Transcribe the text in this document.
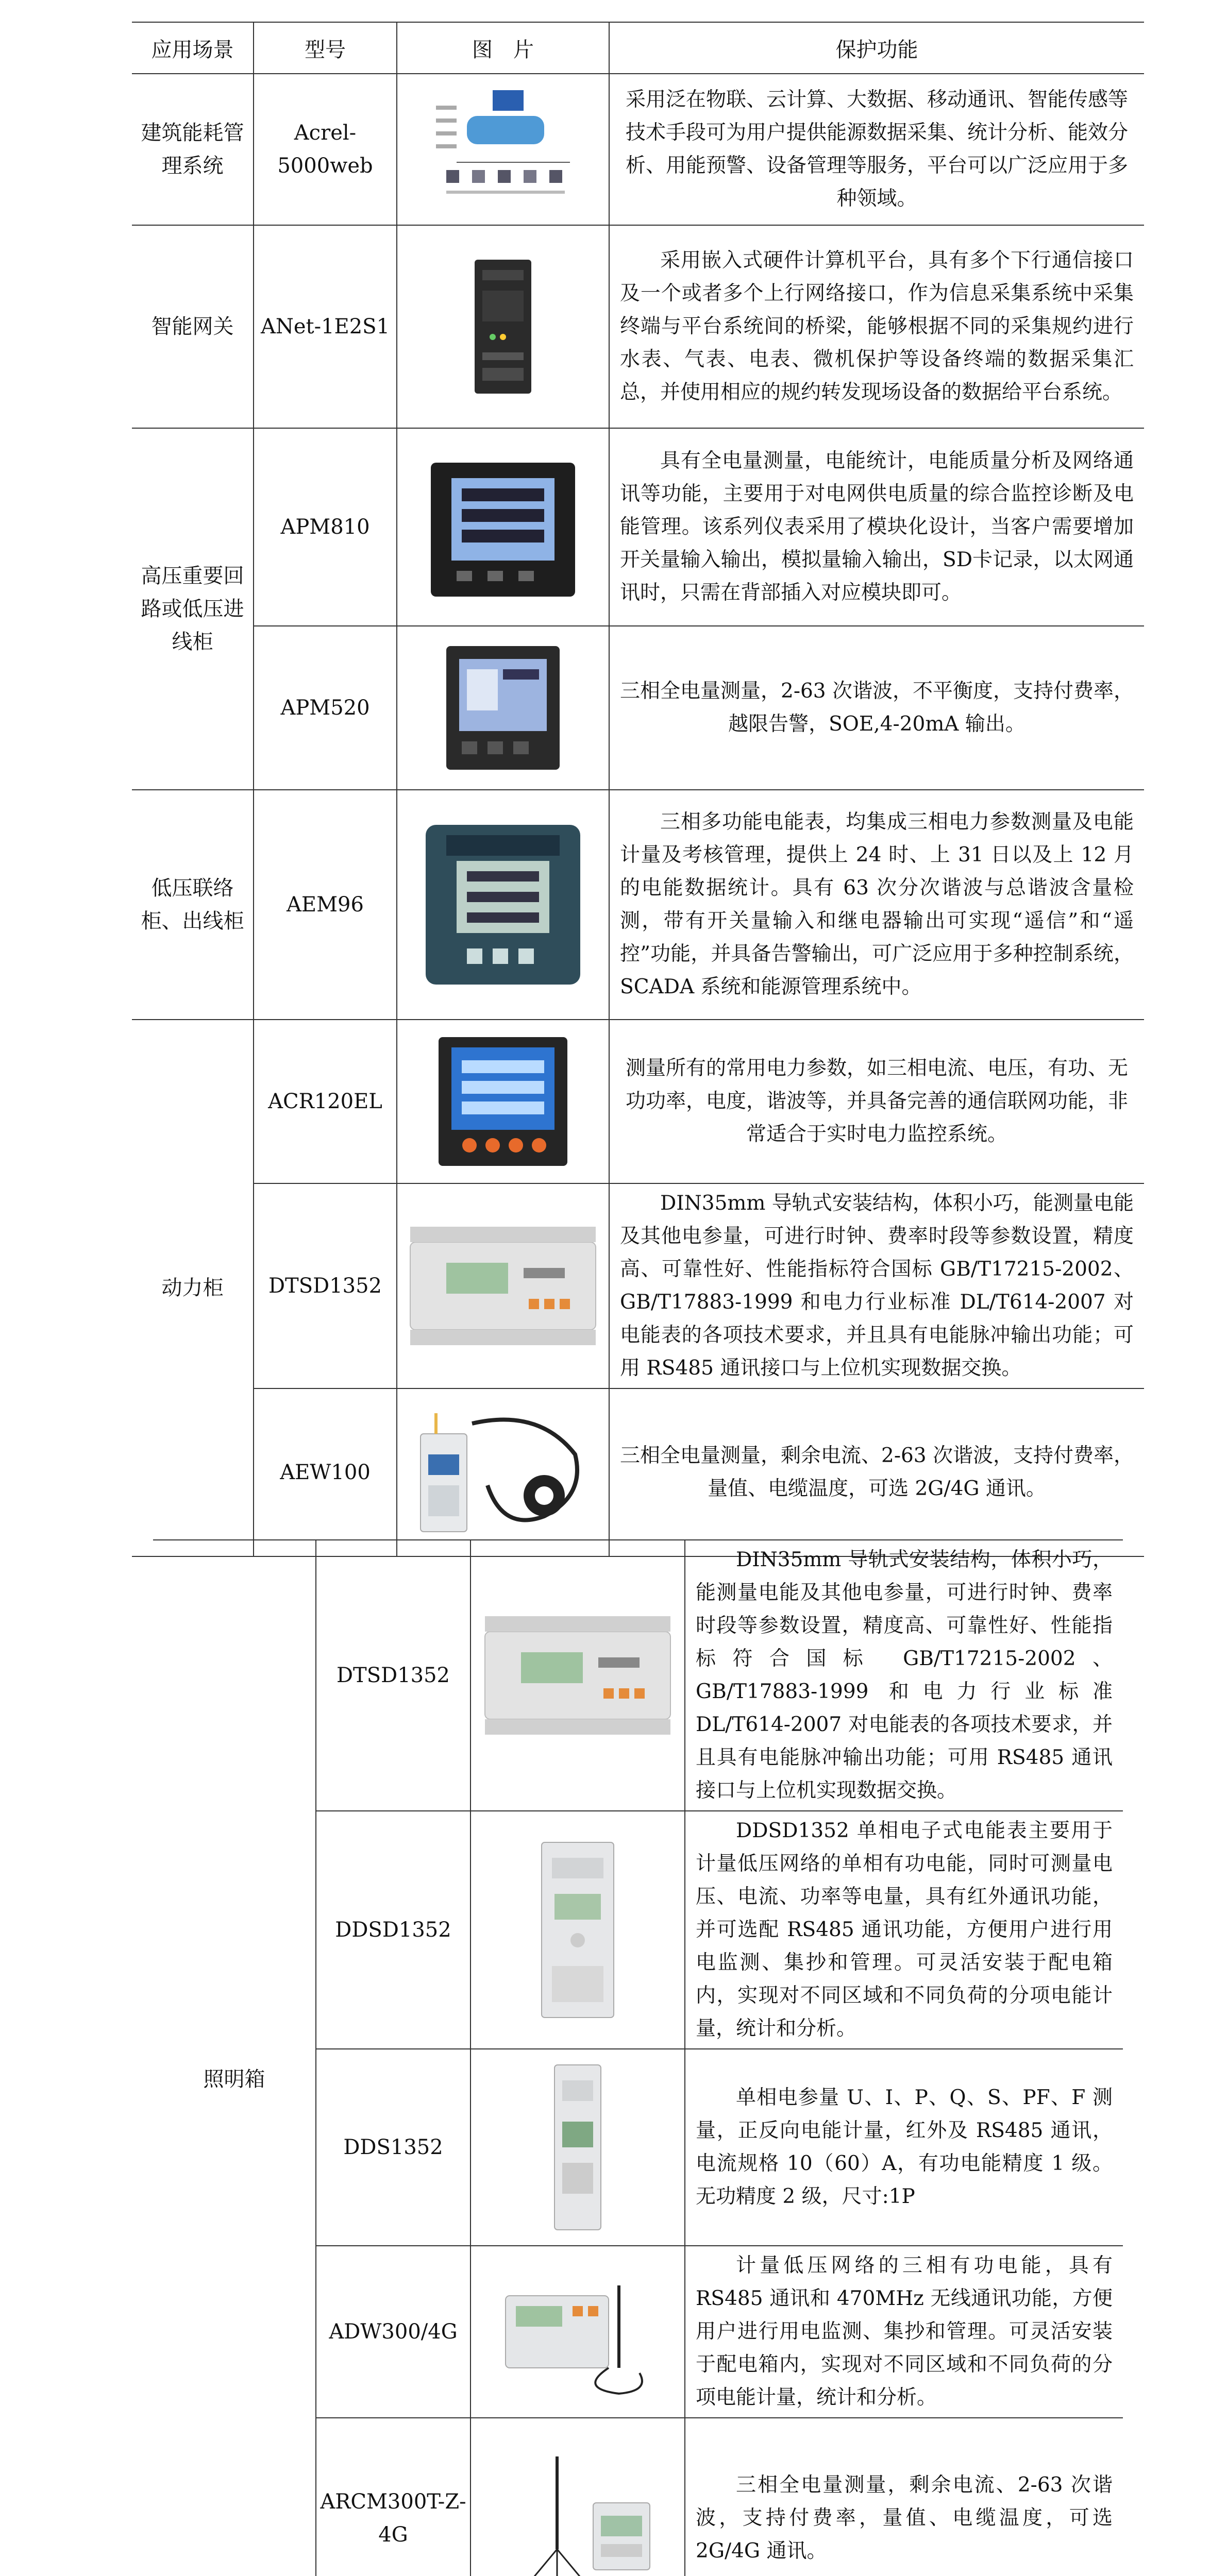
应用场景	型号	图　片	保护功能
建筑能耗管理系统	Acrel-5000web		采用泛在物联、云计算、大数据、移动通讯、智能传感等技术手段可为用户提供能源数据采集、统计分析、能效分析、用能预警、设备管理等服务，平台可以广泛应用于多种领域。
智能网关	ANet-1E2S1		采用嵌入式硬件计算机平台，具有多个下行通信接口及一个或者多个上行网络接口，作为信息采集系统中采集终端与平台系统间的桥梁，能够根据不同的采集规约进行水表、气表、电表、微机保护等设备终端的数据采集汇总，并使用相应的规约转发现场设备的数据给平台系统。
高压重要回路或低压进线柜	APM810		具有全电量测量，电能统计，电能质量分析及网络通讯等功能，主要用于对电网供电质量的综合监控诊断及电能管理。该系列仪表采用了模块化设计，当客户需要增加开关量输入输出，模拟量输入输出，SD卡记录，以太网通讯时，只需在背部插入对应模块即可。
	APM520		三相全电量测量，2-63 次谐波，不平衡度，支持付费率，越限告警，SOE,4-20mA 输出。
低压联络柜、出线柜	AEM96		三相多功能电能表，均集成三相电力参数测量及电能计量及考核管理，提供上 24 时、上 31 日以及上 12 月的电能数据统计。具有 63 次分次谐波与总谐波含量检测，带有开关量输入和继电器输出可实现“遥信”和“遥控”功能，并具备告警输出，可广泛应用于多种控制系统，SCADA 系统和能源管理系统中。
动力柜	ACR120EL		测量所有的常用电力参数，如三相电流、电压，有功、无功功率，电度，谐波等，并具备完善的通信联网功能，非常适合于实时电力监控系统。
	DTSD1352		DIN35mm 导轨式安装结构，体积小巧，能测量电能及其他电参量，可进行时钟、费率时段等参数设置，精度高、可靠性好、性能指标符合国标 GB/T17215-2002、GB/T17883-1999 和电力行业标准 DL/T614-2007 对电能表的各项技术要求，并且具有电能脉冲输出功能；可用 RS485 通讯接口与上位机实现数据交换。
	AEW100		三相全电量测量，剩余电流、2-63 次谐波，支持付费率，量值、电缆温度，可选 2G/4G 通讯。
照明箱	DTSD1352		DIN35mm 导轨式安装结构，体积小巧，能测量电能及其他电参量，可进行时钟、费率时段等参数设置，精度高、可靠性好、性能指标符合国标 GB/T17215-2002、GB/T17883-1999 和电力行业标准 DL/T614-2007 对电能表的各项技术要求，并且具有电能脉冲输出功能；可用 RS485 通讯接口与上位机实现数据交换。
	DDSD1352		DDSD1352 单相电子式电能表主要用于计量低压网络的单相有功电能，同时可测量电压、电流、功率等电量，具有红外通讯功能，并可选配 RS485 通讯功能，方便用户进行用电监测、集抄和管理。可灵活安装于配电箱内，实现对不同区域和不同负荷的分项电能计量，统计和分析。
	DDS1352		单相电参量 U、I、P、Q、S、PF、F 测量，正反向电能计量，红外及 RS485 通讯，电流规格 10（60）A，有功电能精度 1 级。无功精度 2 级，尺寸:1P
	ADW300/4G		计量低压网络的三相有功电能，具有 RS485 通讯和 470MHz 无线通讯功能，方便用户进行用电监测、集抄和管理。可灵活安装于配电箱内，实现对不同区域和不同负荷的分项电能计量，统计和分析。
	ARCM300T-Z-4G		三相全电量测量，剩余电流、2-63 次谐波，支持付费率，量值、电缆温度，可选 2G/4G 通讯。
